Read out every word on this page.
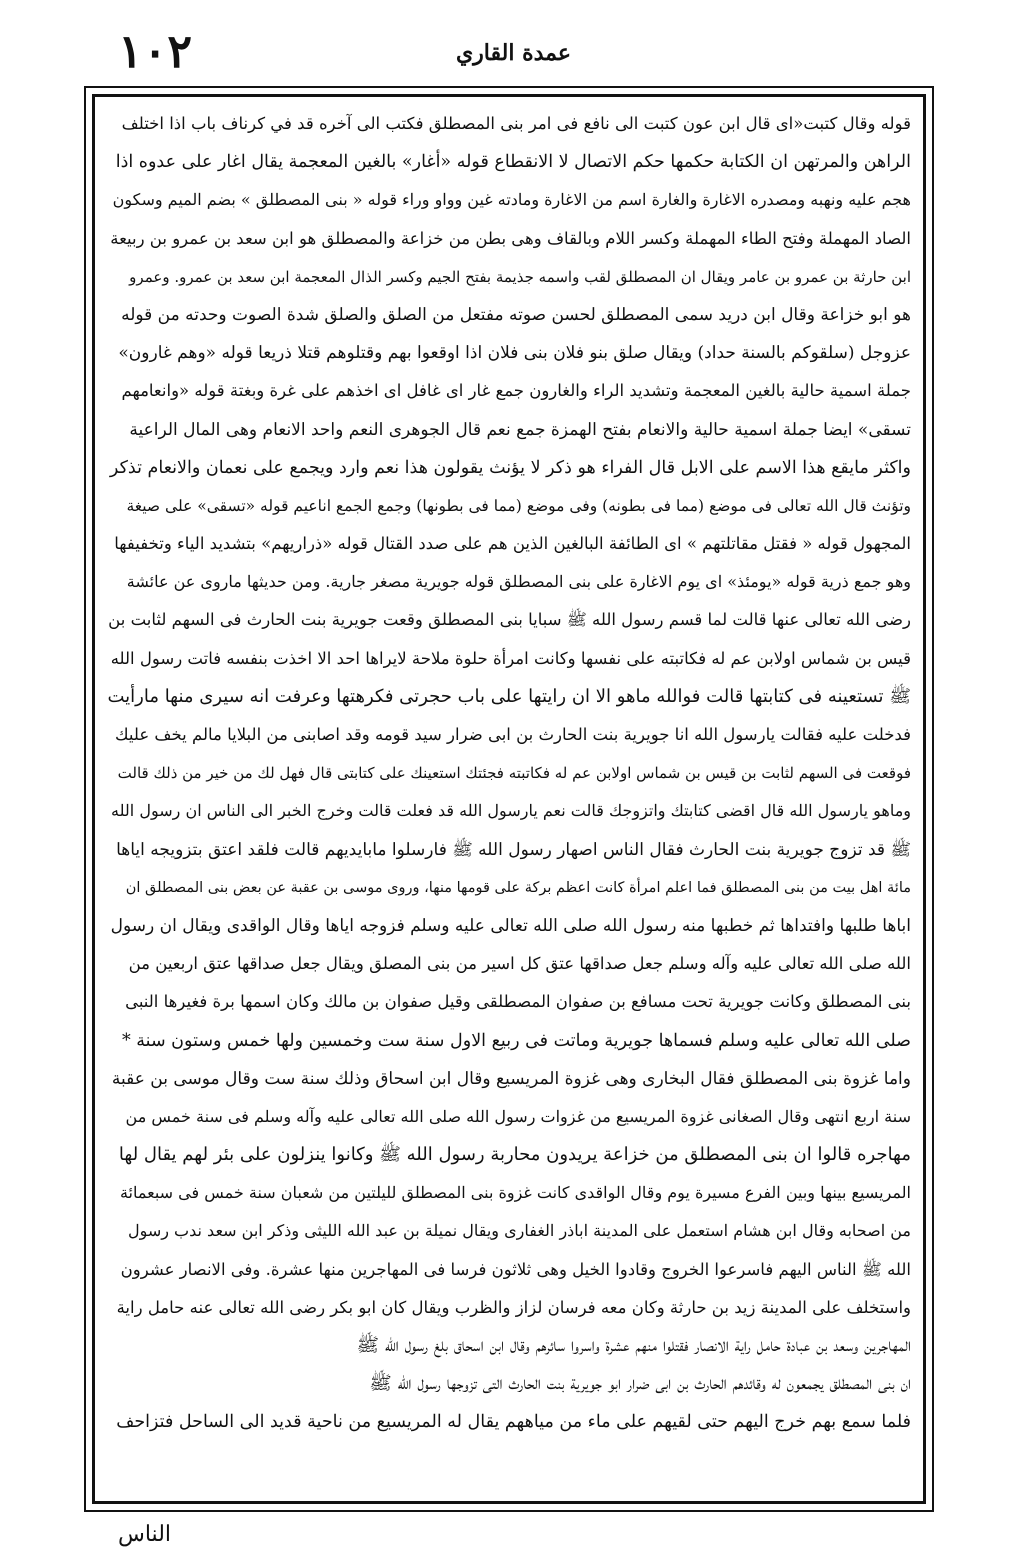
١٠٢	عمدة القاري
قوله وقال كتبت«اى قال ابن عون كتبت الى نافع فى امر بنى المصطلق فكتب الى آخره قد في كرناف باب اذا اختلف
الراهن والمرتهن ان الكتابة حكمها حكم الاتصال لا الانقطاع قوله «أغار» بالغين المعجمة يقال اغار على عدوه اذا
هجم عليه ونهبه ومصدره الاغارة والغارة اسم من الاغارة ومادته غين وواو وراء قوله « بنى المصطلق » بضم الميم وسكون
الصاد المهملة وفتح الطاء المهملة وكسر اللام وبالقاف وهى بطن من خزاعة والمصطلق هو ابن سعد بن عمرو بن ربيعة
ابن حارثة بن عمرو بن عامر ويقال ان المصطلق لقب واسمه جذيمة بفتح الجيم وكسر الذال المعجمة ابن سعد بن عمرو. وعمرو
هو ابو خزاعة وقال ابن دريد سمى المصطلق لحسن صوته مفتعل من الصلق والصلق شدة الصوت وحدته من قوله
عزوجل (سلقوكم بالسنة حداد) ويقال صلق بنو فلان بنى فلان اذا اوقعوا بهم وقتلوهم قتلا ذريعا قوله «وهم غارون»
جملة اسمية حالية بالغين المعجمة وتشديد الراء والغارون جمع غار اى غافل اى اخذهم على غرة وبغتة قوله «وانعامهم
تسقى» ايضا جملة اسمية حالية والانعام بفتح الهمزة جمع نعم قال الجوهرى النعم واحد الانعام وهى المال الراعية
واكثر مايقع هذا الاسم على الابل قال الفراء هو ذكر لا يؤنث يقولون هذا نعم وارد ويجمع على نعمان والانعام تذكر
وتؤنث قال الله تعالى فى موضع (مما فى بطونه) وفى موضع (مما فى بطونها) وجمع الجمع اناعيم قوله «تسقى» على صيغة
المجهول قوله « فقتل مقاتلتهم » اى الطائفة البالغين الذين هم على صدد القتال قوله «ذراريهم» بتشديد الياء وتخفيفها
وهو جمع ذرية قوله «يومئذ» اى يوم الاغارة على بنى المصطلق قوله جويرية مصغر جارية. ومن حديثها ماروى عن عائشة
رضى الله تعالى عنها قالت لما قسم رسول الله ﷺ سبايا بنى المصطلق وقعت جويرية بنت الحارث فى السهم لثابت بن
قيس بن شماس اولابن عم له فكاتبته على نفسها وكانت امرأة حلوة ملاحة لايراها احد الا اخذت بنفسه فاتت رسول الله
ﷺ تستعينه فى كتابتها قالت فوالله ماهو الا ان رايتها على باب حجرتى فكرهتها وعرفت انه سيرى منها مارأيت
فدخلت عليه فقالت يارسول الله انا جويرية بنت الحارث بن ابى ضرار سيد قومه وقد اصابنى من البلايا مالم يخف عليك
فوقعت فى السهم لثابت بن قيس بن شماس اولابن عم له فكاتبته فجئتك استعينك على كتابتى قال فهل لك من خير من ذلك قالت
وماهو يارسول الله قال اقضى كتابتك واتزوجك قالت نعم يارسول الله قد فعلت قالت وخرج الخبر الى الناس ان رسول الله
ﷺ قد تزوج جويرية بنت الحارث فقال الناس اصهار رسول الله ﷺ فارسلوا مابايديهم قالت فلقد اعتق بتزويجه اياها
مائة اهل بيت من بنى المصطلق فما اعلم امرأة كانت اعظم بركة على قومها منها، وروى موسى بن عقبة عن بعض بنى المصطلق ان
اباها طلبها وافتداها ثم خطبها منه رسول الله صلى الله تعالى عليه وسلم فزوجه اياها وقال الواقدى ويقال ان رسول
الله صلى الله تعالى عليه وآله وسلم جعل صداقها عتق كل اسير من بنى المصلق ويقال جعل صداقها عتق اربعين من
بنى المصطلق وكانت جويرية تحت مسافع بن صفوان المصطلقى وقيل صفوان بن مالك وكان اسمها برة فغيرها النبى
صلى الله تعالى عليه وسلم فسماها جويرية وماتت فى ربيع الاول سنة ست وخمسين ولها خمس وستون سنة *
واما غزوة بنى المصطلق فقال البخارى وهى غزوة المريسيع وقال ابن اسحاق وذلك سنة ست وقال موسى بن عقبة
سنة اربع انتهى وقال الصغانى غزوة المريسيع من غزوات رسول الله صلى الله تعالى عليه وآله وسلم فى سنة خمس من
مهاجره قالوا ان بنى المصطلق من خزاعة يريدون محاربة رسول الله ﷺ وكانوا ينزلون على بئر لهم يقال لها
المريسيع بينها وبين الفرع مسيرة يوم وقال الواقدى كانت غزوة بنى المصطلق لليلتين من شعبان سنة خمس فى سبعمائة
من اصحابه وقال ابن هشام استعمل على المدينة اباذر الغفارى ويقال نميلة بن عبد الله الليثى وذكر ابن سعد ندب رسول
الله ﷺ الناس اليهم فاسرعوا الخروج وقادوا الخيل وهى ثلاثون فرسا فى المهاجرين منها عشرة. وفى الانصار عشرون
واستخلف على المدينة زيد بن حارثة وكان معه فرسان لزاز والظرب ويقال كان ابو بكر رضى الله تعالى عنه حامل راية
المهاجرين وسعد بن عبادة حامل راية الانصار فقتلوا منهم عشرة واسروا سائرهم وقال ابن اسحاق بلغ رسول الله ﷺ
ان بنى المصطلق يجمعون له وقائدهم الحارث بن ابى ضرار ابو جويرية بنت الحارث التى تزوجها رسول الله ﷺ
فلما سمع بهم خرج اليهم حتى لقيهم على ماء من مياههم يقال له المريسيع من ناحية قديد الى الساحل فتزاحف
الناس
